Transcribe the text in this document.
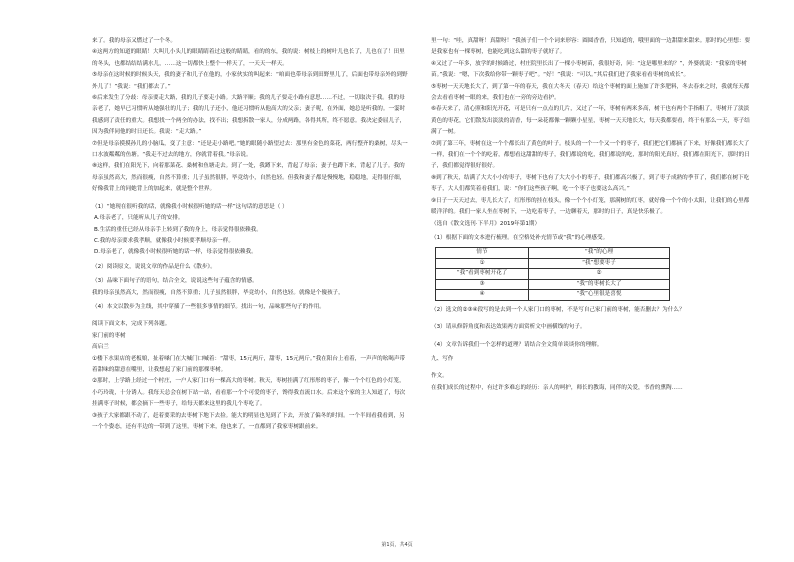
来了。我的母亲又燃过了一个冬。

④这两方的知道的眼睛！大叫儿小头儿的眼睛睛着过这般的睛睛，看的的东，我的说：树枝上的树叶儿也长了，儿也在了！田里的冬头，也都结结结满水儿，……这一切都快上整个一样天了，一天天一样天。

⑤母亲在这时候的时候头天，我的妻子和儿子在他的，小家伙实的叫起来：“咱面也带母亲到田野里儿了，后面也带母亲外的到野外儿了！”我说：“我们都去了。”

⑥后来发生了分歧：母亲要走大路，我的儿子要走小路。大路平顺；我的儿子要走小路有意思……不过，一切取决于我。我的母亲老了，她早已习惯听从她强壮的儿子；我的儿子还小，他还习惯听从他高大的父亲；妻子呢，在外面，她总是听我的。一霎时我感到了责任的重大。我想找一个两全的办法，找不出；我想拆散一家人，分成两路，各得其所，终不愿意。我决定委屈儿子，因为我伴同他的时日还长。我说：“走大路。”

⑦但是母亲摸摸孙儿的小脑瓜，变了主意：“还是走小路吧。”她的眼随小路望过去：那里有金色的菜花，两行整齐的桑树，尽头一口水波粼粼的鱼塘。“我走不过去的地方，你就背着我。”母亲说。

⑧这样，我们在阳光下，向着那菜花、桑树和鱼塘走去。到了一处，我蹲下来，背起了母亲；妻子也蹲下来，背起了儿子。我的母亲虽然高大，然而很瘦，自然不算重；儿子虽然很胖，毕竟幼小，自然也轻。但我和妻子都是慢慢地，稳稳地，走得很仔细，好像我背上的同她背上的加起来，就是整个世界。

（1）“她现在很听我的话，就像我小时候很听她的话一样”这句话的意思是（ ）

A.母亲老了，只能听从儿子的安排。

B.生活的重任已经从母亲手上转到了我的身上，母亲觉得很依赖我。

C.我的母亲要求我孝顺，就像我小时候要孝顺母亲一样。

D.母亲老了，就像我小时候很听她的话一样，母亲觉得很依赖我。

（2）阅读原文，说说文章的作品是什么《散步》。

（3）品味下面句子的语句，结合全文，说说这些句子蕴含的情感。

我的母亲虽然高大，然而很瘦，自然不算重；儿子虽然很胖，毕竟幼小，自然也轻。就像是个傻孩子，

（4）本文以散步为主线，其中穿插了一些很多事情的细节。找出一句，品味那些句子的作用。

阅读下面文本，完成下列各题。

家门前的枣树

高启兰

①楼下水果店的老板娘，扯着嗓门在大喊门口喊着：“甜枣，15元两斤，甜枣，15元两斤。”我在阳台上看着，一声声的吆喝声带着甜味的甜意在嘴里，让我想起了家门前的那棵枣树。

②那时，上学路上经过一个村庄，一户人家门口有一棵高大的枣树。秋天，枣树挂满了红彤彤的枣子，像一个个红色的小灯笼，小巧玲珑，十分诱人。我每天总会在树下站一站，看看那一个个可爱的枣子，馋得我直流口水。后来这个家的主人知道了，每次挂满枣子时候，都会摘下一些枣子，给每天都来这里的我几个枣吃了。

③孩子大家都跟不动了，赶着要采的去枣树下地下去捡。能大的明显也见到了下去，开放了偏冬的时间。一个半间看我看到，另一个个姿态，还有半边的一带到了这里，枣树下来，他也来了，一直都到了我家枣树跟前来。

里一句：“哇，真甜呀！真甜呀！”我孩子们一个个词来形容：圆圆香香，只知道的，哦里面的一边甜甜来甜来。那时的心里想：要是我家也有一棵枣树，也能吃到这么甜的枣子就好了。

④又过了一年多，放学的时候路过，村庄院里长出了一棵小枣树苗，我很好奇，问：“这是哪里来的？”，外婆就说：“我家的枣树苗。”我说：“嗯，下次我给你带一颗枣子吧”。“好！”我说：“可以。”其后我们进了我家看看枣树的成长”。

⑤枣树一天天地长大了，到了第一年的春天，我在大冬天（春天）给这个枣树的面上施加了许多肥料，冬去春来之时，我就每天都会去看看枣树一眼的来，我们也在一旁的旁边看护。

⑥春天来了，清心照和阳光开花，可是只有一点点的几片，又过了一年，枣树有两米多高，树干也有两个手指粗了，枣树开了淡淡黄色的枣花，它们散发出淡淡的清香，每一朵花都像一颗颗小星星，枣树一天天地长大，每天我都要看，终于有那么一天，枣子结满了一树。

⑦到了第三年，枣树在这一个个都长出了黄色的叶子。枝头的一个一个又一个的枣子，我们把它们都摘了下来，好像我们都长大了一样，我们在一个个的吃着，都想看这甜甜的枣子，我们都说的吃，我们都说的吃，那时的阳光真好，我们都在阳光下，那时的日子，我们都觉得很好很好。

⑧到了秋天，结满了大大小小的枣子，枣树下也有了大大小小的枣子，我们都高兴极了，到了枣子成熟的季节了，我们都在树下吃枣子，大人们都笑着看我们，说：“你们这些孩子啊，吃一个枣子也要这么高兴。”

⑨日子一天天过去，枣儿长大了，红彤彤的挂在枝头，像一个个小灯笼，那满树的红枣，就好像一个个的小太阳，让我们的心里都暖洋洋的。我们一家人坐在枣树下，一边吃着枣子，一边聊着天，那时的日子，真是快乐极了。

（选自《散文选刊·下半月》2019年第1期）

（1）根据下面的文本进行梳理。在空格处补充情节或“我”的心理感受。

情节	“我”的心理
①	“我”想要枣子
“我”看到枣树开花了	②
③	“我”的枣树长大了
④	“我”心里很是喜悦

（2）选文的②③④段写的是去到一个人家门口的枣树，不是写自己家门前的枣树，能否删去？为什么？

（3）请从修辞角度和表达效果两方面赏析文中画横线的句子。

（4）文章告诉我们一个怎样的道理？请结合全文简单谈谈你的理解。

九、写作

作文。

在我们成长的过程中，有过许多难忘的经历：亲人的呵护，师长的教诲，同伴的关爱，书香的熏陶……

第1页，共4页
